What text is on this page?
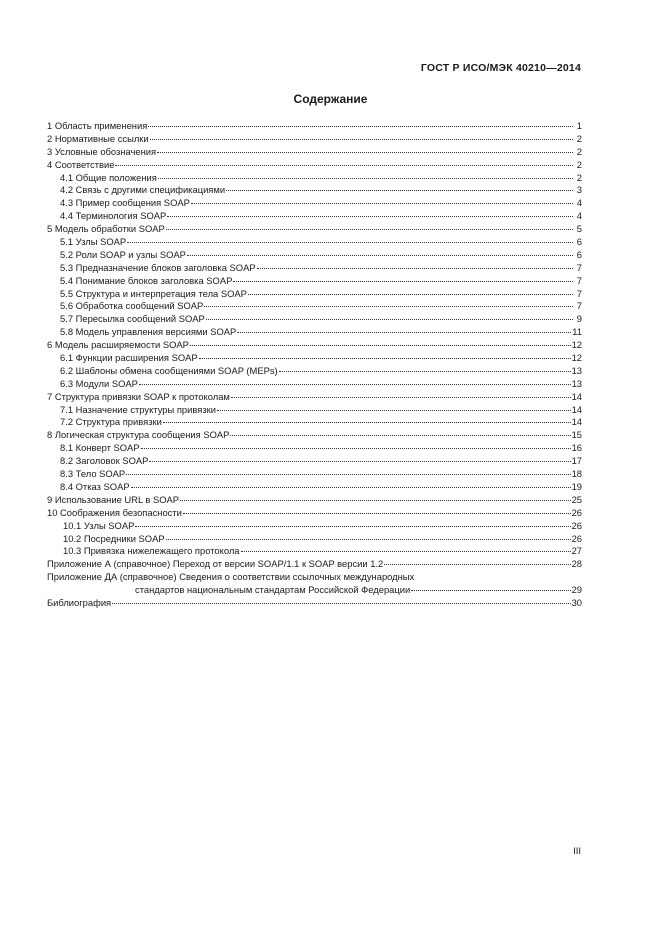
ГОСТ Р ИСО/МЭК 40210—2014
Содержание
1 Область применения	1
2 Нормативные ссылки	2
3 Условные обозначения	2
4 Соответствие	2
4.1 Общие положения	2
4.2 Связь с другими спецификациями	3
4.3 Пример сообщения SOAP	4
4.4 Терминология SOAP	4
5 Модель обработки SOAP	5
5.1 Узлы SOAP	6
5.2 Роли SOAP и узлы SOAP	6
5.3 Предназначение блоков заголовка SOAP	7
5.4 Понимание блоков заголовка SOAP	7
5.5 Структура и интерпретация тела SOAP	7
5.6 Обработка сообщений SOAP	7
5.7 Пересылка сообщений SOAP	9
5.8 Модель управления версиями SOAP	11
6 Модель расширяемости SOAP	12
6.1 Функции расширения SOAP	12
6.2 Шаблоны обмена сообщениями SOAP (MEPs)	13
6.3 Модули SOAP	13
7 Структура привязки SOAP к протоколам	14
7.1 Назначение структуры привязки	14
7.2 Структура привязки	14
8 Логическая структура сообщения SOAP	15
8.1 Конверт SOAP	16
8.2 Заголовок SOAP	17
8.3 Тело SOAP	18
8.4 Отказ SOAP	19
9 Использование URL в SOAP	25
10 Соображения безопасности	26
10.1 Узлы SOAP	26
10.2 Посредники SOAP	26
10.3 Привязка нижележащего протокола	27
Приложение А (справочное) Переход от версии SOAP/1.1 к SOAP версии 1.2	28
Приложение ДА (справочное) Сведения о соответствии ссылочных международных
стандартов национальным стандартам Российской Федерации	29
Библиография	30
III
